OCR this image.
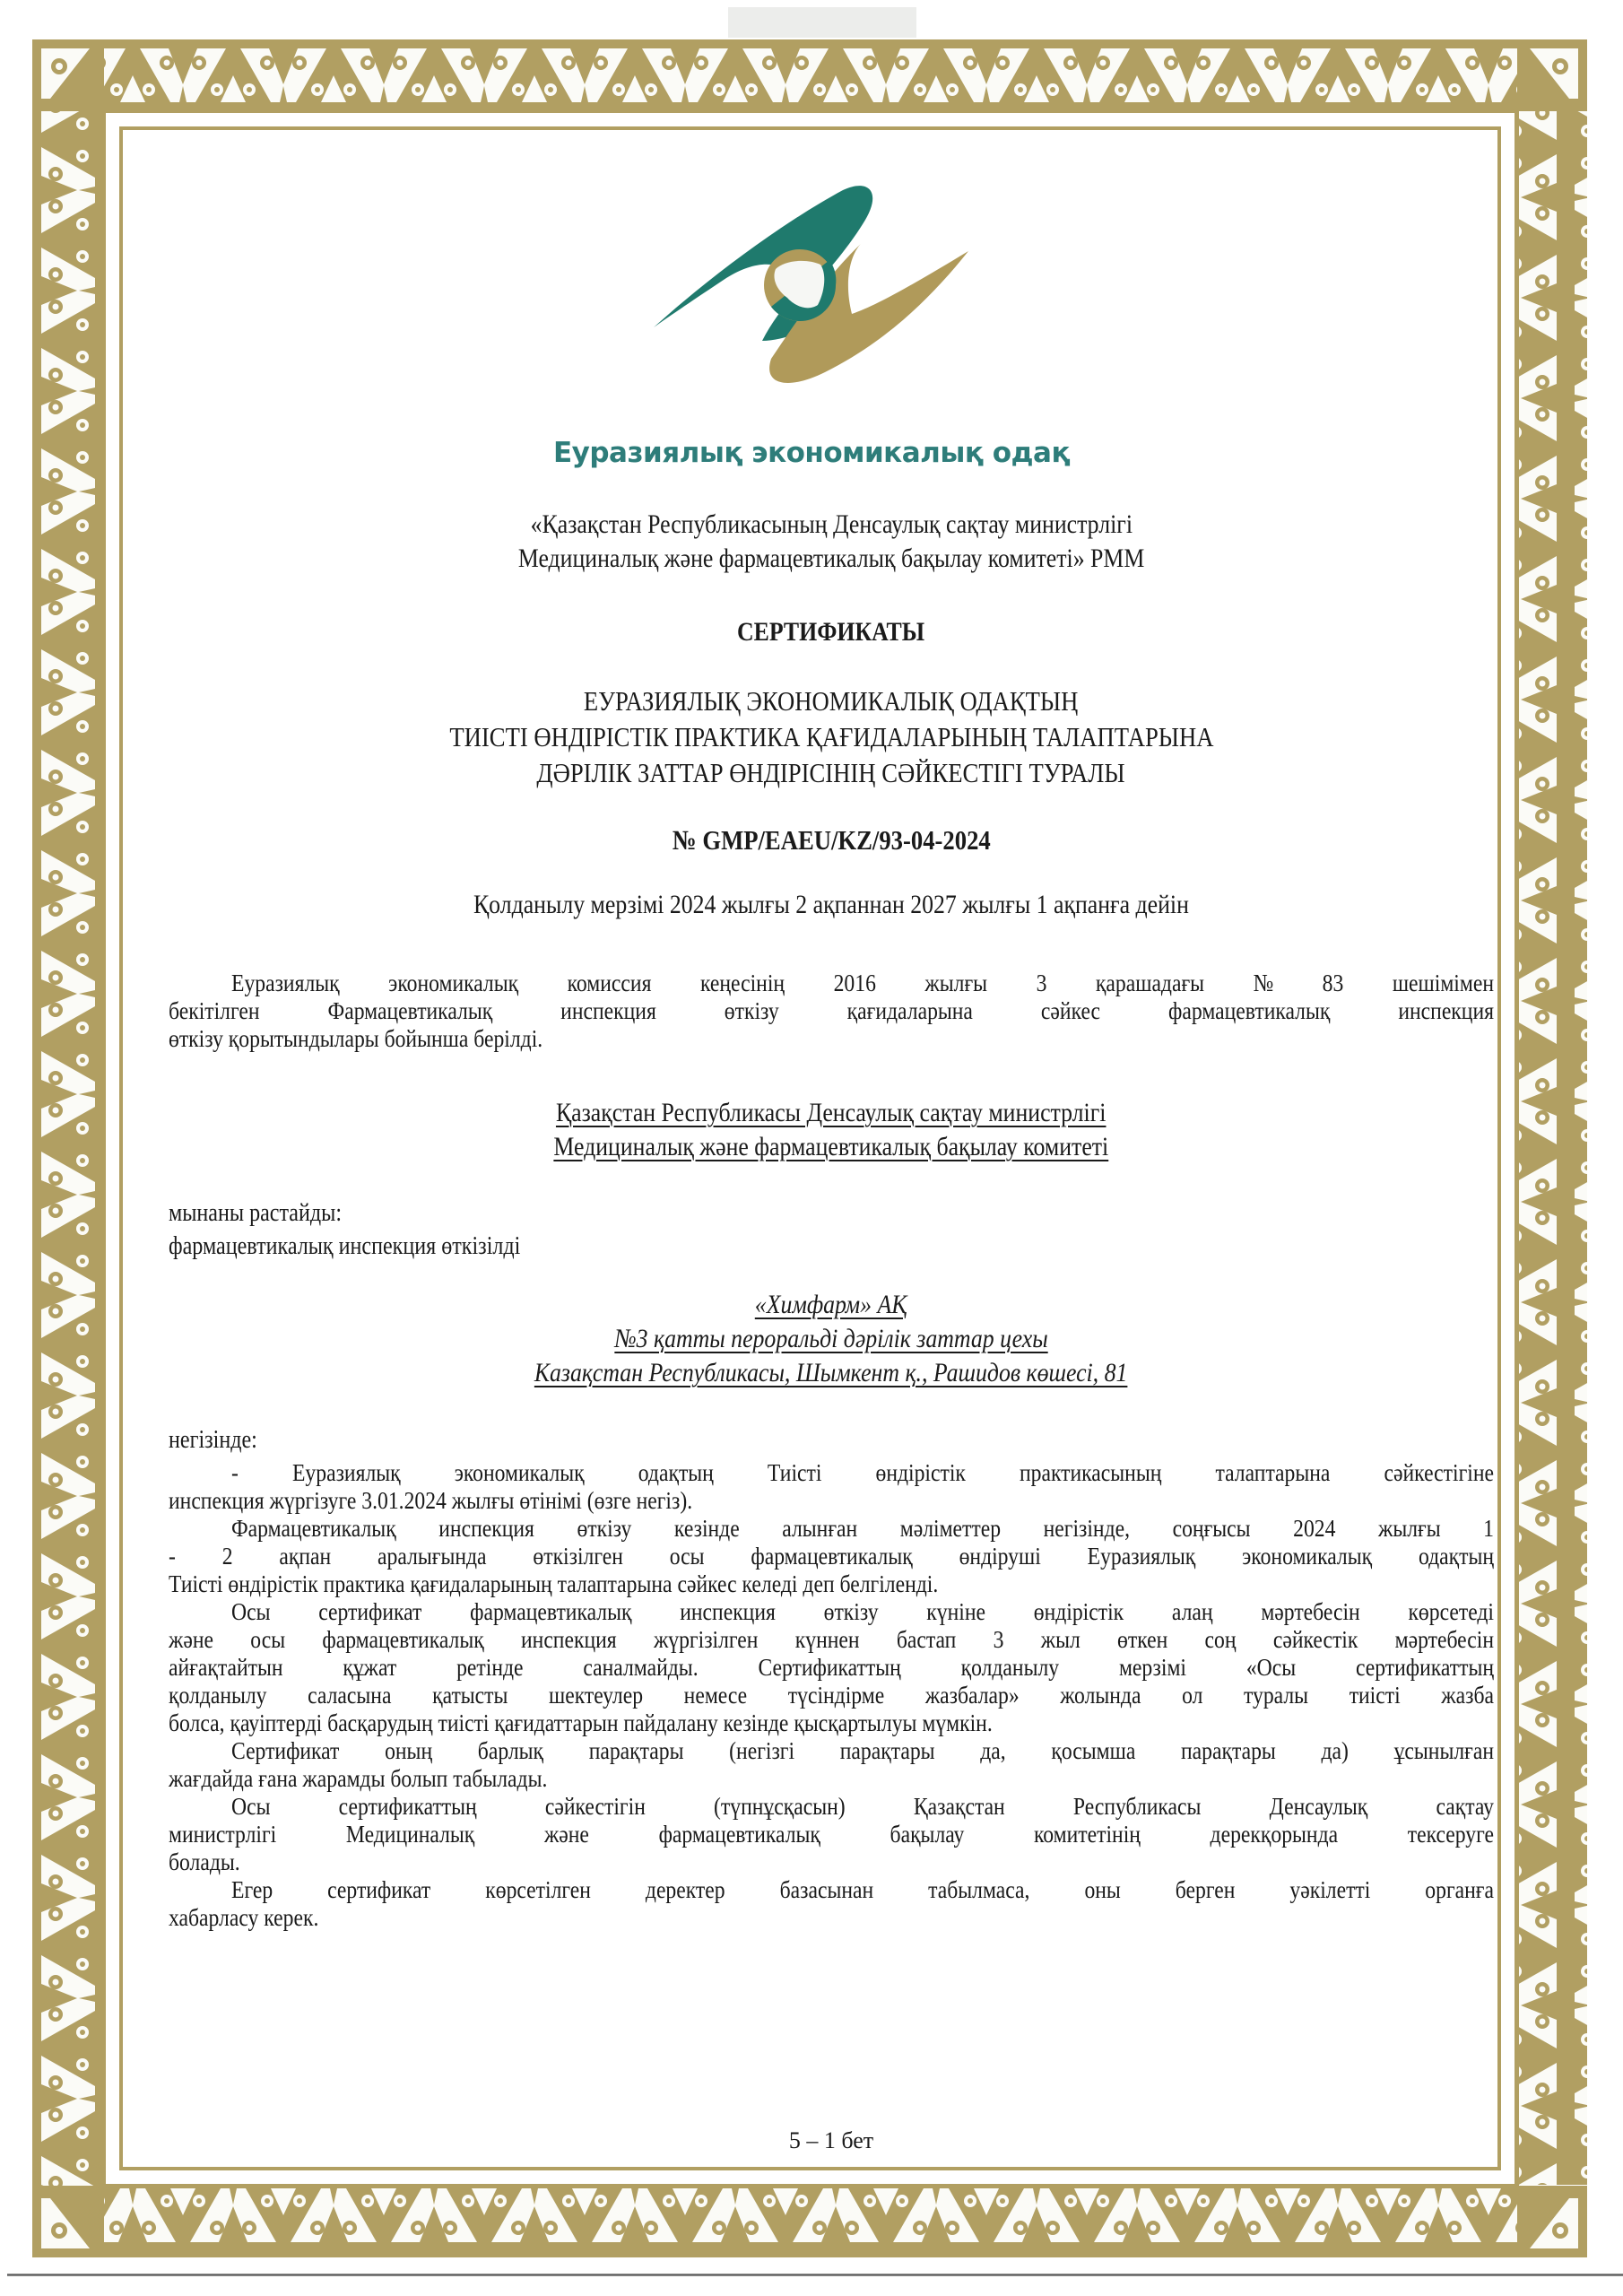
Еуразиялық экономикалық одақ
«Қазақстан Республикасының Денсаулық сақтау министрлігі
Медициналық және фармацевтикалық бақылау комитеті» РММ
СЕРТИФИКАТЫ
ЕУРАЗИЯЛЫҚ ЭКОНОМИКАЛЫҚ ОДАҚТЫҢ
ТИІСТІ ӨНДІРІСТІК ПРАКТИКА ҚАҒИДАЛАРЫНЫҢ ТАЛАПТАРЫНА
ДӘРІЛІК ЗАТТАР ӨНДІРІСІНІҢ СӘЙКЕСТІГІ ТУРАЛЫ
№ GMP/EAEU/KZ/93-04-2024
Қолданылу мерзімі 2024 жылғы 2 ақпаннан 2027 жылғы 1 ақпанға дейін
Еуразиялық экономикалық комиссия кеңесінің 2016 жылғы 3 қарашадағы № 83 шешімімен
бекітілген Фармацевтикалық инспекция өткізу қағидаларына сәйкес фармацевтикалық инспекция
өткізу қорытындылары бойынша берілді.
Қазақстан Республикасы Денсаулық сақтау министрлігі
Медициналық және фармацевтикалық бақылау комитеті
мынаны растайды:
фармацевтикалық инспекция өткізілді
«Химфарм» АҚ
№3 қатты пероральді дәрілік заттар цехы
Казақстан Республикасы, Шымкент қ., Рашидов көшесі, 81
негізінде:
- Еуразиялық экономикалық одақтың Тиісті өндірістік практикасының талаптарына сәйкестігіне
инспекция жүргізуге 3.01.2024 жылғы өтінімі (өзге негіз).
Фармацевтикалық инспекция өткізу кезінде алынған мәліметтер негізінде, соңғысы 2024 жылғы 1
- 2 ақпан аралығында өткізілген осы фармацевтикалық өндіруші Еуразиялық экономикалық одақтың
Тиісті өндірістік практика қағидаларының талаптарына сәйкес келеді деп белгіленді.
Осы сертификат фармацевтикалық инспекция өткізу күніне өндірістік алаң мәртебесін көрсетеді
және осы фармацевтикалық инспекция жүргізілген күннен бастап 3 жыл өткен соң сәйкестік мәртебесін
айғақтайтын құжат ретінде саналмайды. Сертификаттың қолданылу мерзімі «Осы сертификаттың
қолданылу саласына қатысты шектеулер немесе түсіндірме жазбалар» жолында ол туралы тиісті жазба
болса, қауіптерді басқарудың тиісті қағидаттарын пайдалану кезінде қысқартылуы мүмкін.
Сертификат оның барлық парақтары (негізгі парақтары да, қосымша парақтары да) ұсынылған
жағдайда ғана жарамды болып табылады.
Осы сертификаттың сәйкестігін (түпнұсқасын) Қазақстан Республикасы Денсаулық сақтау
министрлігі Медициналық және фармацевтикалық бақылау комитетінің дерекқорында тексеруге
болады.
Егер сертификат көрсетілген деректер базасынан табылмаса, оны берген уәкілетті органға
хабарласу керек.
5 – 1 бет
